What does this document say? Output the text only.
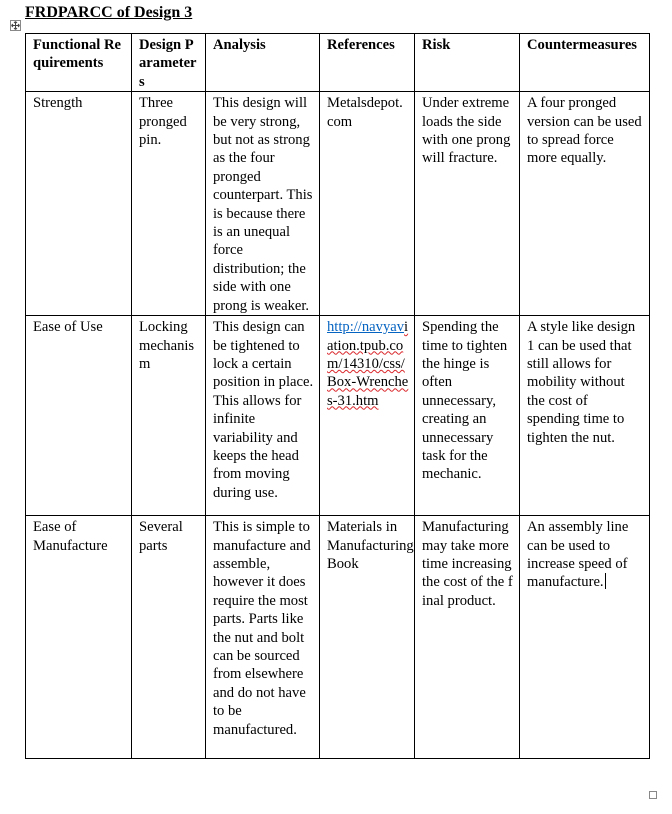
FRDPARCC of Design 3
Functional Requirements	Design Parameters	Analysis	References	Risk	Countermeasures
Strength	Three pronged pin.	This design will be very strong, but not as strong as the four pronged counterpart. This is because there is an unequal force distribution; the side with one prong is weaker.	Metalsdepot.com	Under extreme loads the side with one prong will fracture.	A four pronged version can be used to spread force more equally.
Ease of Use	Locking mechanism	This design can be tightened to lock a certain position in place. This allows for infinite variability and keeps the head from moving during use.	http://navyaviation.tpub.com/14310/css/Box-Wrenches-31.htm	Spending the time to tighten the hinge is often unnecessary, creating an unnecessary task for the mechanic.	A style like design 1 can be used that still allows for mobility without the cost of spending time to tighten the nut.
Ease of Manufacture	Several parts	This is simple to manufacture and assemble, however it does require the most parts. Parts like the nut and bolt can be sourced from elsewhere and do not have to be manufactured.	Materials in Manufacturing Book	Manufacturing may take more time increasing the cost of the final product.	An assembly line can be used to increase speed of manufacture.
